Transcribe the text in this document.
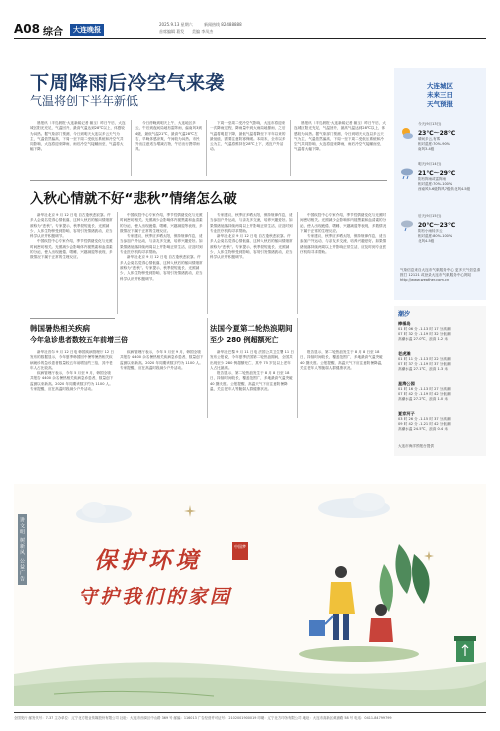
A08 综合	大连晚报
2025.9.13 星期六	新闻热线 82488888
首席编辑 葛发 美编 李凤杰
下周降雨后冷空气来袭
气温将创下半年新低

晨报讯（半岛晨报·大连新闻记者 綦玉）昨日午后，大连城区阳光充足，气温回升，最高气温达到28℃以上，体感较为闷热。据气象部门预测，今日到明天大连以多云天气为主，气温依然偏高，下周一至下周二受低压系统和冷空气共同影响，大连将迎来降雨，雨后冷空气接踵而至，气温将大幅下降。

今日傍晚到明天上午，大连地区多云，午后到夜间局地有雷阵雨，偏南风3到4级，最低气温21℃，最高气温28℃左右，早晚体感凉爽，午间较为闷热。市民外出注意适当增减衣物，午后出行携带雨具。

下周一至周二受冷空气影响，大连市将迎来一次降雨过程，降雨量中到大雨局地暴雨，之后气温将明显下降，最低气温将降至下半年以来的最低值，需要注意防寒保暖。本周末，全市以多云为主，气温将维持在28℃上下，适宜户外活动。

晨报讯（半岛晨报·大连新闻记者 綦玉）昨日午后，大连城区阳光充足，气温回升，最高气温达到28℃以上，体感较为闷热。据气象部门预测，今日到明天大连以多云天气为主，气温依然偏高，下周一至下周二受低压系统和冷空气共同影响，大连将迎来降雨，雨后冷空气接踵而至，气温将大幅下降。

大连城区
未来三日
天气预报
今天(9月13日)
23℃～28℃
晴间多云,有雾
相对湿度:70%-90%
南风3-4级
明天(9月14日)
21℃～29℃
阴有阵雨或雷阵雨
相对湿度:70%-100%
西南风5-6级阵风7级转北风4-5级
后天(9月15日)
20℃～23℃
阴有小雨转多云
相对湿度:80%-100%
北风4-5级
气象信息来自大连市气象服务中心 更多天气信息请拨打 12121 或登录大连市气象服务中心网站 http://www.weather.com.cn
潮汐
棒棰岛
01 时 06 分 -1.13 时 17 分高潮
07 时 32 分 -1.19 时 32 分低潮
高潮水温 27.0℃，浪高 1.2 米
老虎滩
01 时 11 分 -1.13 时 22 分高潮
07 时 37 分 -1.19 时 37 分低潮
高潮水温 27.1℃，浪高 1.3 米
星海公园
01 时 16 分 -1.13 时 27 分高潮
07 时 42 分 -1.19 时 42 分低潮
高潮水温 27.2℃，浪高 1.0 米
夏家河子
03 时 26 分 -1.15 时 37 分高潮
09 时 42 分 -1.21 时 42 分低潮
高潮水温 24.5℃，浪高 0.4 米
大连市海洋预报台提供
入秋心情就不好“悲秋”情绪怎么破

新华社北京 9 月 12 日电 自古逢秋悲寂寥。许多人会莫名觉得心情低落，这种入秋后的郁闷情绪常被称为“悲秋”。专家提示，秋季昼短夜长、光照减少，人体生物钟受到影响，容易引发情绪波动，应当科学认识并积极调节。

中国疾控中心专家介绍，季节性情绪变化与光照时间密切相关。光照减少会影响体内褪黑素和血清素的分泌，使人出现疲倦、嗜睡、兴趣减退等表现，多数情况下属于正常的生理反应。

中国疾控中心专家介绍，季节性情绪变化与光照时间密切相关。光照减少会影响体内褪黑素和血清素的分泌，使人出现疲倦、嗜睡、兴趣减退等表现，多数情况下属于正常的生理反应。

专家建议，秋季应多晒太阳，保持规律作息，适当参加户外运动，与亲友多交流，培养兴趣爱好。如果情绪低落持续两周以上并影响正常生活，应及时到专业医疗机构寻求帮助。

新华社北京 9 月 12 日电 自古逢秋悲寂寥。许多人会莫名觉得心情低落，这种入秋后的郁闷情绪常被称为“悲秋”。专家提示，秋季昼短夜长、光照减少，人体生物钟受到影响，容易引发情绪波动，应当科学认识并积极调节。

专家建议，秋季应多晒太阳，保持规律作息，适当参加户外运动，与亲友多交流，培养兴趣爱好。如果情绪低落持续两周以上并影响正常生活，应及时到专业医疗机构寻求帮助。

新华社北京 9 月 12 日电 自古逢秋悲寂寥。许多人会莫名觉得心情低落，这种入秋后的郁闷情绪常被称为“悲秋”。专家提示，秋季昼短夜长、光照减少，人体生物钟受到影响，容易引发情绪波动，应当科学认识并积极调节。

中国疾控中心专家介绍，季节性情绪变化与光照时间密切相关。光照减少会影响体内褪黑素和血清素的分泌，使人出现疲倦、嗜睡、兴趣减退等表现，多数情况下属于正常的生理反应。

专家建议，秋季应多晒太阳，保持规律作息，适当参加户外运动，与亲友多交流，培养兴趣爱好。如果情绪低落持续两周以上并影响正常生活，应及时到专业医疗机构寻求帮助。

韩国暑热相关疾病
今年急诊患者数较五年前增三倍

新华社首尔 9 月 12 日电 韩国疾病管理厅 12 日发布的数据显示，今年夏季韩国因中暑等暑热相关疾病就诊的急诊患者数量较五年前增加约三倍，其中老年人占比较高。

疾病管理厅表示，今年 5 月至 9 月，韩国全境共报告 4400 余名暑热相关疾病急诊患者，数量创下监测以来新高。2020 年同期该数字约为 1100 人。专家提醒，应在高温时段减少户外活动。

疾病管理厅表示，今年 5 月至 9 月，韩国全境共报告 4400 余名暑热相关疾病急诊患者，数量创下监测以来新高。2020 年同期该数字约为 1100 人。专家提醒，应在高温时段减少户外活动。

法国今夏第二轮热浪期间
至少 280 例超额死亡

新华社巴黎 9 月 11 日电 法国公共卫生署 11 日发布公报说，今年夏季法国第二轮热浪期间，全国共出现至少 280 例超额死亡，其中 75 岁及以上老年人占比最高。

报告显示，第二轮热浪发生于 8 月 8 日至 18 日，持续时间较长，覆盖范围广，多地最高气温突破 40 摄氏度。公报提醒，高温天气下应注意防暑降温，关注老年人等脆弱人群健康状况。

报告显示，第二轮热浪发生于 8 月 8 日至 18 日，持续时间较长，覆盖范围广，多地最高气温突破 40 摄氏度。公报提醒，高温天气下应注意防暑降温，关注老年人等脆弱人群健康状况。

讲文明 树新风 公益广告	保护环境
守护我们的家园
中国梦
全国发行 邮发代号：7-37 主办单位：辽宁北方报业传媒股份有限公司 社址：大连市西岗区中山路 369 号 邮编：116013 广告经营许可证号：2102001900019 印刷：辽宁北方印务有限公司 地址：大连市高新区黄浦路 58 号 电话：0411-84799799
